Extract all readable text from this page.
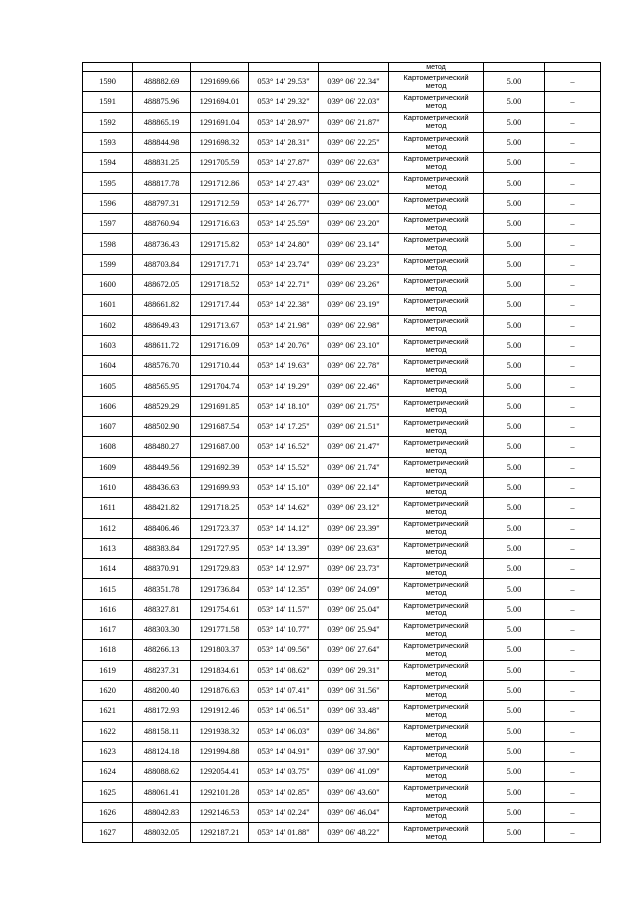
					метод		
1590	488882.69	1291699.66	053° 14' 29.53"	039° 06' 22.34"	Картометрический
метод	5.00	–
1591	488875.96	1291694.01	053° 14' 29.32"	039° 06' 22.03"	Картометрический
метод	5.00	–
1592	488865.19	1291691.04	053° 14' 28.97"	039° 06' 21.87"	Картометрический
метод	5.00	–
1593	488844.98	1291698.32	053° 14' 28.31"	039° 06' 22.25"	Картометрический
метод	5.00	–
1594	488831.25	1291705.59	053° 14' 27.87"	039° 06' 22.63"	Картометрический
метод	5.00	–
1595	488817.78	1291712.86	053° 14' 27.43"	039° 06' 23.02"	Картометрический
метод	5.00	–
1596	488797.31	1291712.59	053° 14' 26.77"	039° 06' 23.00"	Картометрический
метод	5.00	–
1597	488760.94	1291716.63	053° 14' 25.59"	039° 06' 23.20"	Картометрический
метод	5.00	–
1598	488736.43	1291715.82	053° 14' 24.80"	039° 06' 23.14"	Картометрический
метод	5.00	–
1599	488703.84	1291717.71	053° 14' 23.74"	039° 06' 23.23"	Картометрический
метод	5.00	–
1600	488672.05	1291718.52	053° 14' 22.71"	039° 06' 23.26"	Картометрический
метод	5.00	–
1601	488661.82	1291717.44	053° 14' 22.38"	039° 06' 23.19"	Картометрический
метод	5.00	–
1602	488649.43	1291713.67	053° 14' 21.98"	039° 06' 22.98"	Картометрический
метод	5.00	–
1603	488611.72	1291716.09	053° 14' 20.76"	039° 06' 23.10"	Картометрический
метод	5.00	–
1604	488576.70	1291710.44	053° 14' 19.63"	039° 06' 22.78"	Картометрический
метод	5.00	–
1605	488565.95	1291704.74	053° 14' 19.29"	039° 06' 22.46"	Картометрический
метод	5.00	–
1606	488529.29	1291691.85	053° 14' 18.10"	039° 06' 21.75"	Картометрический
метод	5.00	–
1607	488502.90	1291687.54	053° 14' 17.25"	039° 06' 21.51"	Картометрический
метод	5.00	–
1608	488480.27	1291687.00	053° 14' 16.52"	039° 06' 21.47"	Картометрический
метод	5.00	–
1609	488449.56	1291692.39	053° 14' 15.52"	039° 06' 21.74"	Картометрический
метод	5.00	–
1610	488436.63	1291699.93	053° 14' 15.10"	039° 06' 22.14"	Картометрический
метод	5.00	–
1611	488421.82	1291718.25	053° 14' 14.62"	039° 06' 23.12"	Картометрический
метод	5.00	–
1612	488406.46	1291723.37	053° 14' 14.12"	039° 06' 23.39"	Картометрический
метод	5.00	–
1613	488383.84	1291727.95	053° 14' 13.39"	039° 06' 23.63"	Картометрический
метод	5.00	–
1614	488370.91	1291729.83	053° 14' 12.97"	039° 06' 23.73"	Картометрический
метод	5.00	–
1615	488351.78	1291736.84	053° 14' 12.35"	039° 06' 24.09"	Картометрический
метод	5.00	–
1616	488327.81	1291754.61	053° 14' 11.57"	039° 06' 25.04"	Картометрический
метод	5.00	–
1617	488303.30	1291771.58	053° 14' 10.77"	039° 06' 25.94"	Картометрический
метод	5.00	–
1618	488266.13	1291803.37	053° 14' 09.56"	039° 06' 27.64"	Картометрический
метод	5.00	–
1619	488237.31	1291834.61	053° 14' 08.62"	039° 06' 29.31"	Картометрический
метод	5.00	–
1620	488200.40	1291876.63	053° 14' 07.41"	039° 06' 31.56"	Картометрический
метод	5.00	–
1621	488172.93	1291912.46	053° 14' 06.51"	039° 06' 33.48"	Картометрический
метод	5.00	–
1622	488158.11	1291938.32	053° 14' 06.03"	039° 06' 34.86"	Картометрический
метод	5.00	–
1623	488124.18	1291994.88	053° 14' 04.91"	039° 06' 37.90"	Картометрический
метод	5.00	–
1624	488088.62	1292054.41	053° 14' 03.75"	039° 06' 41.09"	Картометрический
метод	5.00	–
1625	488061.41	1292101.28	053° 14' 02.85"	039° 06' 43.60"	Картометрический
метод	5.00	–
1626	488042.83	1292146.53	053° 14' 02.24"	039° 06' 46.04"	Картометрический
метод	5.00	–
1627	488032.05	1292187.21	053° 14' 01.88"	039° 06' 48.22"	Картометрический
метод	5.00	–
